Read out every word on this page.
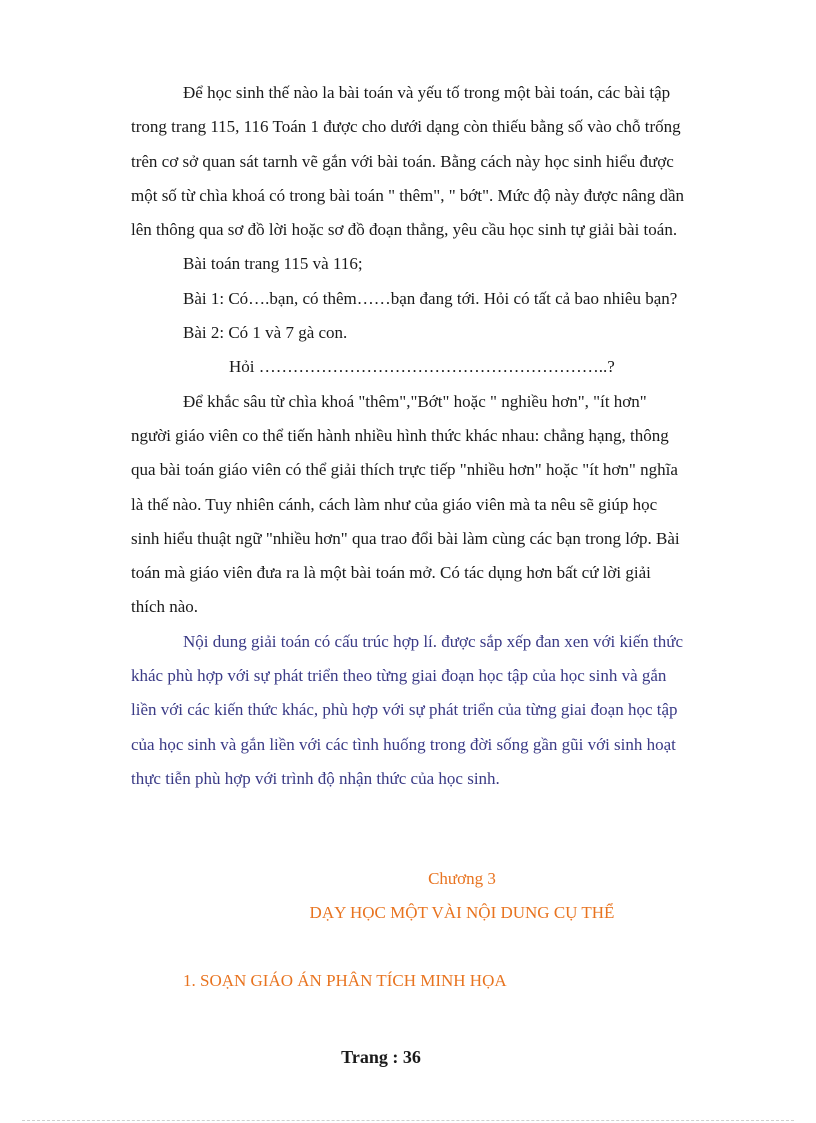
Để học sinh thế nào la bài toán và yếu tố trong một bài toán, các bài tập
trong trang 115, 116 Toán 1 được cho dưới dạng còn thiếu bằng số vào chỗ trống
trên cơ sở quan sát tarnh vẽ gắn với bài toán. Bằng cách này học sinh hiểu được
một số từ chìa khoá có trong bài toán " thêm", " bớt". Mức độ này được nâng dần
lên thông qua sơ đồ lời hoặc sơ đồ đoạn thẳng, yêu cầu học sinh tự giải bài toán.
Bài toán trang 115 và 116;
Bài 1: Có….bạn, có thêm……bạn đang tới. Hỏi có tất cả bao nhiêu bạn?
Bài 2: Có 1 và 7 gà con.
Hỏi ……………………………………………………..?
Để khắc sâu từ chìa khoá "thêm","Bớt" hoặc " nghiều hơn", "ít hơn"
người giáo viên co thể tiến hành nhiều hình thức khác nhau: chẳng hạng, thông
qua bài toán giáo viên có thể giải thích trực tiếp "nhiều hơn" hoặc "ít hơn" nghĩa
là thế nào. Tuy nhiên cánh, cách làm như của giáo viên mà ta nêu sẽ giúp học
sinh hiểu thuật ngữ "nhiều hơn" qua trao đổi bài làm cùng các bạn trong lớp. Bài
toán mà giáo viên đưa ra là một bài toán mở. Có tác dụng hơn bất cứ lời giải
thích nào.
Nội dung giải toán có cấu trúc hợp lí. được sắp xếp đan xen với kiến thức
khác phù hợp với sự phát triển theo từng giai đoạn học tập của học sinh và gắn
liền với các kiến thức khác, phù hợp với sự phát triển của từng giai đoạn học tập
của học sinh và gắn liền với các tình huống trong đời sống gần gũi với sinh hoạt
thực tiễn phù hợp với trình độ nhận thức của học sinh.
Chương 3
DẠY HỌC MỘT VÀI NỘI DUNG CỤ THỂ
1. SOẠN GIÁO ÁN PHÂN TÍCH MINH HỌA
Trang : 36
